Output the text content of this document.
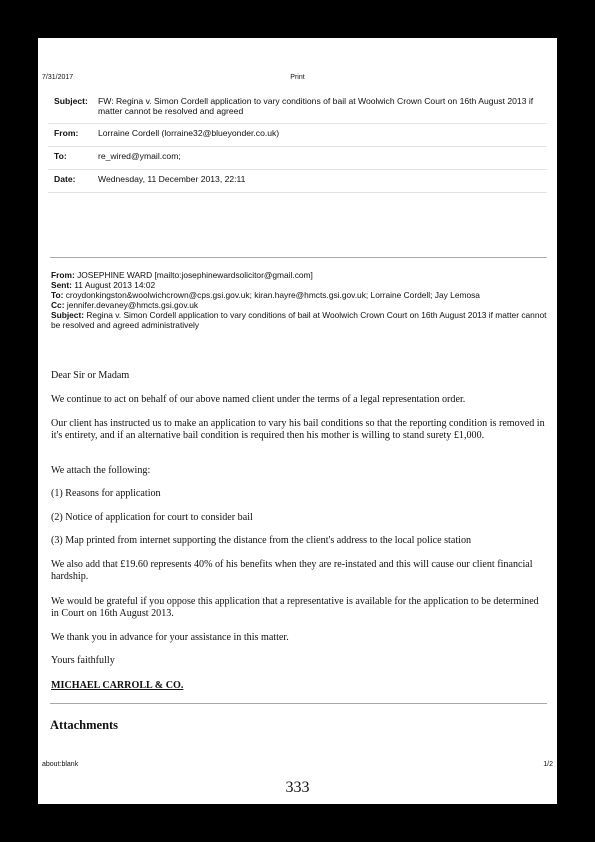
7/31/2017	Print
Subject:	FW: Regina v. Simon Cordell application to vary conditions of bail at Woolwich Crown Court on 16th August 2013 if matter cannot be resolved and agreed
From:	Lorraine Cordell (lorraine32@blueyonder.co.uk)
To:	re_wired@ymail.com;
Date:	Wednesday, 11 December 2013, 22:11
From: JOSEPHINE WARD [mailto:josephinewardsolicitor@gmail.com]
Sent: 11 August 2013 14:02
To: croydonkingston&woolwichcrown@cps.gsi.gov.uk; kiran.hayre@hmcts.gsi.gov.uk; Lorraine Cordell; Jay Lemosa
Cc: jennifer.devaney@hmcts.gsi.gov.uk
Subject: Regina v. Simon Cordell application to vary conditions of bail at Woolwich Crown Court on 16th August 2013 if matter cannot be resolved and agreed administratively
Dear Sir or Madam
We continue to act on behalf of our above named client under the terms of a legal representation order.
Our client has instructed us to make an application to vary his bail conditions so that the reporting condition is removed in it's entirety, and if an alternative bail condition is required then his mother is willing to stand surety £1,000.
We attach the following:
(1) Reasons for application
(2) Notice of application for court to consider bail
(3) Map printed from internet supporting the distance from the client's address to the local police station
We also add that £19.60 represents 40% of his benefits when they are re-instated and this will cause our client financial hardship.
We would be grateful if you oppose this application that a representative is available for the application to be determined in Court on 16th August 2013.
We thank you in advance for your assistance in this matter.
Yours faithfully
MICHAEL CARROLL & CO.
Attachments
about:blank	1/2
333
